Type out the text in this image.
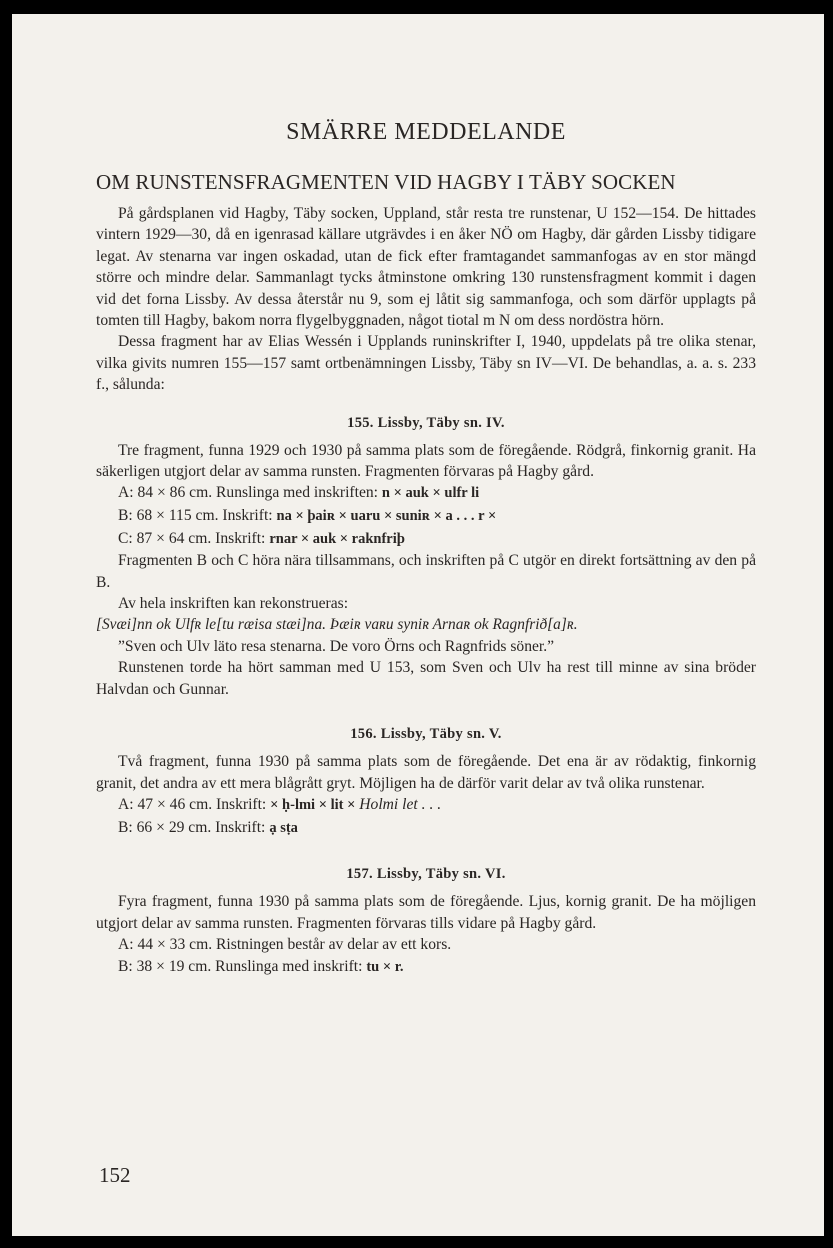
SMÄRRE MEDDELANDE
OM RUNSTENSFRAGMENTEN VID HAGBY I TÄBY SOCKEN

På gårdsplanen vid Hagby, Täby socken, Uppland, står resta tre runstenar, U 152—154. De hittades vintern 1929—30, då en igenrasad källare utgrävdes i en åker NÖ om Hagby, där gården Lissby tidigare legat. Av stenarna var ingen oskadad, utan de fick efter framtagandet sammanfogas av en stor mängd större och mindre delar. Sammanlagt tycks åtminstone omkring 130 runstensfragment kommit i dagen vid det forna Lissby. Av dessa återstår nu 9, som ej låtit sig sammanfoga, och som därför upplagts på tomten till Hagby, bakom norra flygelbyggnaden, något tiotal m N om dess nordöstra hörn.

Dessa fragment har av Elias Wessén i Upplands runinskrifter I, 1940, uppdelats på tre olika stenar, vilka givits numren 155—157 samt ortbenämningen Lissby, Täby sn IV—VI. De behandlas, a. a. s. 233 f., sålunda:

155. Lissby, Täby sn. IV.

Tre fragment, funna 1929 och 1930 på samma plats som de föregående. Rödgrå, finkornig granit. Ha säkerligen utgjort delar av samma runsten. Fragmenten förvaras på Hagby gård.

A: 84 × 86 cm. Runslinga med inskriften: n × auk × ulfr li
B: 68 × 115 cm. Inskrift: na × þaiʀ × uaru × suniʀ × a . . . r ×
C: 87 × 64 cm. Inskrift: rnar × auk × raknfriþ

Fragmenten B och C höra nära tillsammans, och inskriften på C utgör en direkt fortsättning av den på B.

Av hela inskriften kan rekonstrueras:

[Svæi]nn ok Ulfʀ le[tu ræisa stæi]na. Þæiʀ vaʀu syniʀ Arnaʀ ok Ragnfrið[a]ʀ.

”Sven och Ulv läto resa stenarna. De voro Örns och Ragnfrids söner.”

Runstenen torde ha hört samman med U 153, som Sven och Ulv ha rest till minne av sina bröder Halvdan och Gunnar.

156. Lissby, Täby sn. V.

Två fragment, funna 1930 på samma plats som de föregående. Det ena är av rödaktig, finkornig granit, det andra av ett mera blågrått gryt. Möjligen ha de därför varit delar av två olika runstenar.

A: 47 × 46 cm. Inskrift: × ḥ-lmi × lit × Holmi let . . .
B: 66 × 29 cm. Inskrift: ạ sṭa
157. Lissby, Täby sn. VI.

Fyra fragment, funna 1930 på samma plats som de föregående. Ljus, kornig granit. De ha möjligen utgjort delar av samma runsten. Fragmenten förvaras tills vidare på Hagby gård.

A: 44 × 33 cm. Ristningen består av delar av ett kors.
B: 38 × 19 cm. Runslinga med inskrift: tu × r.
152
